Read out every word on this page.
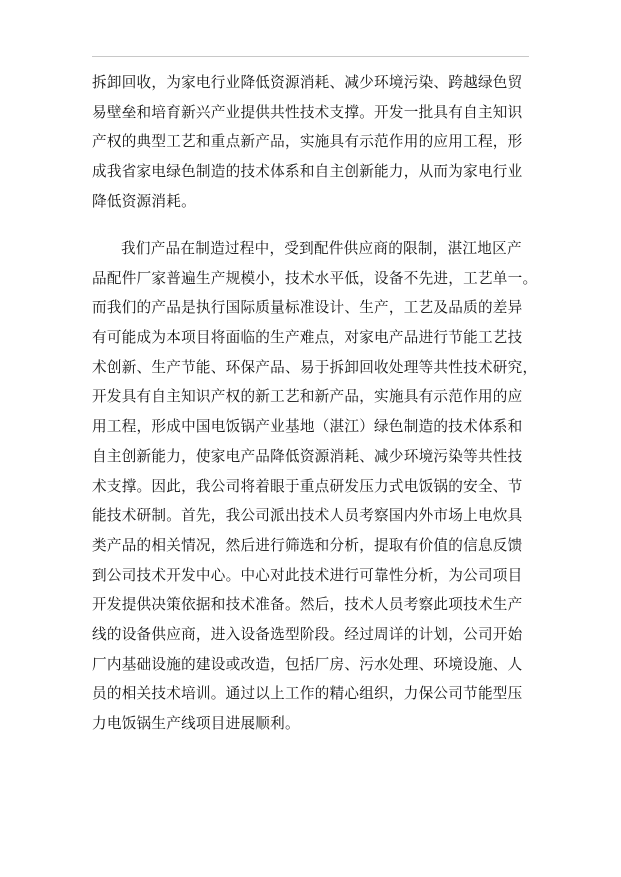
拆卸回收，为家电行业降低资源消耗、减少环境污染、跨越绿色贸
易壁垒和培育新兴产业提供共性技术支撑。开发一批具有自主知识
产权的典型工艺和重点新产品，实施具有示范作用的应用工程，形
成我省家电绿色制造的技术体系和自主创新能力，从而为家电行业
降低资源消耗。
我们产品在制造过程中，受到配件供应商的限制，湛江地区产
品配件厂家普遍生产规模小，技术水平低，设备不先进，工艺单一。
而我们的产品是执行国际质量标准设计、生产，工艺及品质的差异
有可能成为本项目将面临的生产难点，对家电产品进行节能工艺技
术创新、生产节能、环保产品、易于拆卸回收处理等共性技术研究，
开发具有自主知识产权的新工艺和新产品，实施具有示范作用的应
用工程，形成中国电饭锅产业基地（湛江）绿色制造的技术体系和
自主创新能力，使家电产品降低资源消耗、减少环境污染等共性技
术支撑。因此，我公司将着眼于重点研发压力式电饭锅的安全、节
能技术研制。首先，我公司派出技术人员考察国内外市场上电炊具
类产品的相关情况，然后进行筛选和分析，提取有价值的信息反馈
到公司技术开发中心。中心对此技术进行可靠性分析，为公司项目
开发提供决策依据和技术准备。然后，技术人员考察此项技术生产
线的设备供应商，进入设备选型阶段。经过周详的计划，公司开始
厂内基础设施的建设或改造，包括厂房、污水处理、环境设施、人
员的相关技术培训。通过以上工作的精心组织，力保公司节能型压
力电饭锅生产线项目进展顺利。
